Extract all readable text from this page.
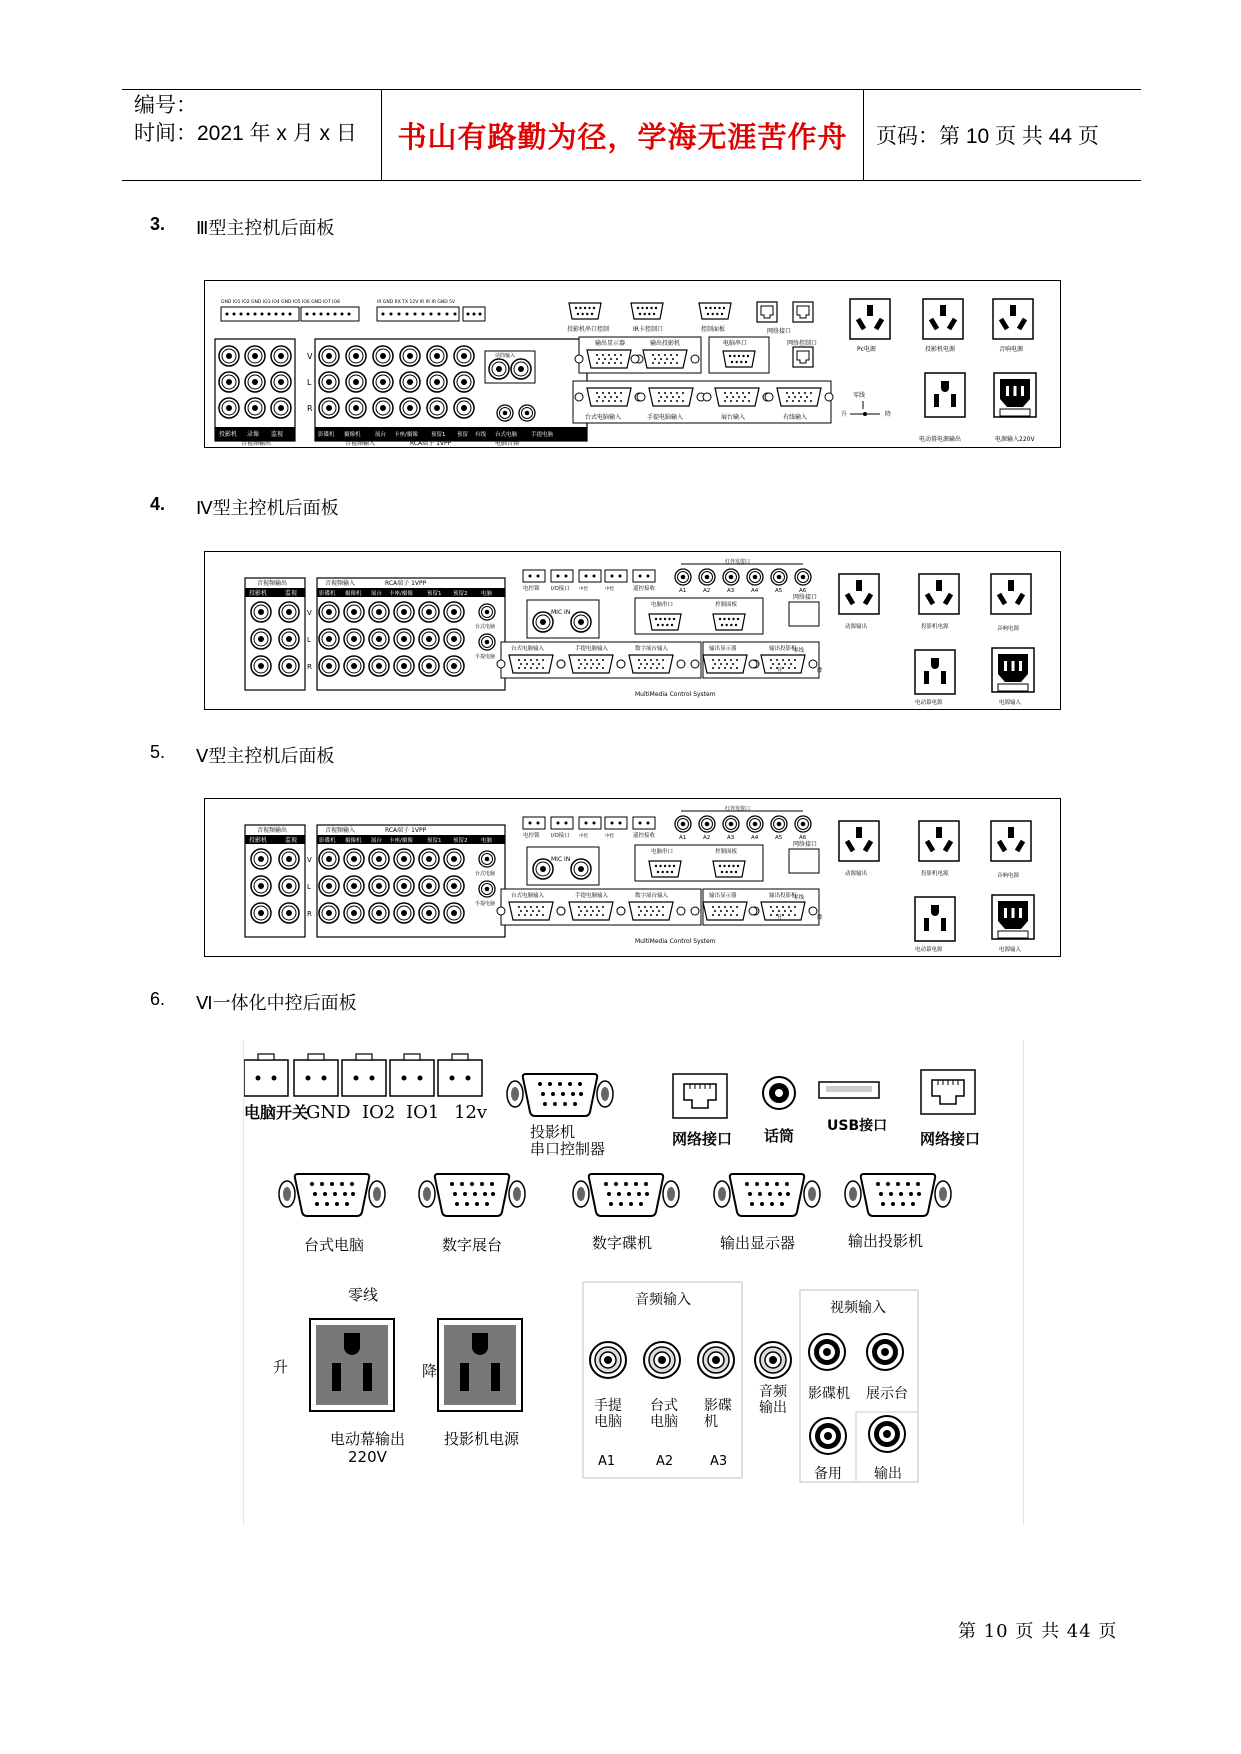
编号：
时间：2021 年 x 月 x 日	书山有路勤为径，学海无涯苦作舟	页码：第 10 页 共 44 页
3.	Ⅲ型主控机后面板
4.	Ⅳ型主控机后面板
5.	Ⅴ型主控机后面板
6.	Ⅵ一体化中控后面板
GND IO1 IO2 GND IO3 IO4 GND IO5 IO6 GND IO7 IO8	IR GND RX TX 12V IR IR IR GND 5V
投影机串口控制	IR卡控制口	控制面板	网络接口
网络控制口
投影机 录像 监视
音视频输出
V
L
R
影碟机 摄像机	展台 卡座/摄像 预留1 预留 有线 台式电脑	手提电脑
音视频输入	RCA端子 1VPP	电脑音频
话筒输入
输出显示器	输出投影机	电脑串口
台式电脑输入	手提电脑输入	展台输入	有线输入
零线
升	降
Pc电源	投影机电源	音响电源
电动幕电源输出	电源输入220V
音视频输出
投影机	监视
V
L
R
音视频输入	RCA端子 1VPP
影碟机 摄像机 展台 卡座/摄像	预留1 预留2 电脑
台式电脑
手提电脑
电控锁 I/O接口 中控	中控	遥控接收
红外发射口
A1	A2	A3	A4	A5	A6
网络接口
MIC IN
电脑串口	控制面板
台式电脑输入	手提电脑输入	数字展台输入	输出显示器	输出投影机
MultiMedia Control System
零线
升	降
动源输出	投影机电源	音响电源
电动幕电源	电源输入
音视频输出
投影机	监视
V
L
R
音视频输入	RCA端子 1VPP
影碟机 摄像机 展台 卡座/摄像	预留1 预留2 电脑
台式电脑
手提电脑
电控锁 I/O接口 中控	中控	遥控接收
红外发射口
A1	A2	A3	A4	A5	A6
网络接口
MIC IN
电脑串口	控制面板
台式电脑输入	手提电脑输入	数字展台输入	输出显示器	输出投影机
MultiMedia Control System
零线
升	降
动源输出	投影机电源	音响电源
电动幕电源	电源输入
电脑开关
GND IO2 IO1 12v
投影机
串口控制器
网络接口 话筒
USB接口
网络接口
台式电脑	数字展台	数字碟机	输出显示器	输出投影机
零线
升	降
电动幕输出
220V
投影机电源
音频输入
手提
电脑
台式
电脑
影碟
机
A1	A2	A3
音频
输出
视频输入
影碟机 展示台
备用 输出
第 10 页 共 44 页
